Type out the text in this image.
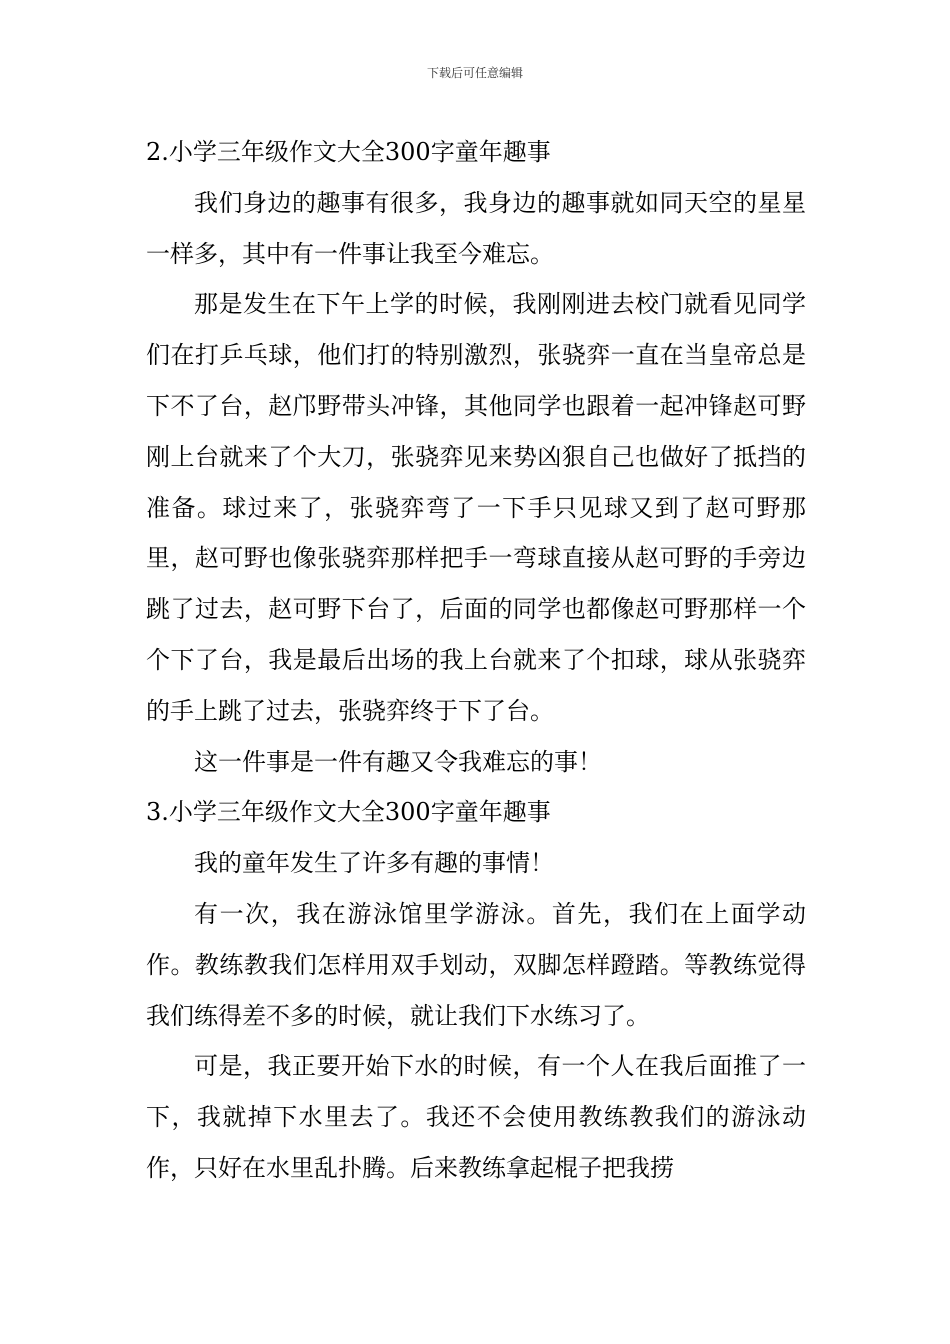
下载后可任意编辑
2.小学三年级作文大全300字童年趣事

我们身边的趣事有很多，我身边的趣事就如同天空的星星一样多，其中有一件事让我至今难忘。

那是发生在下午上学的时候，我刚刚进去校门就看见同学们在打乒乓球，他们打的特别激烈，张骁弈一直在当皇帝总是下不了台，赵邝野带头冲锋，其他同学也跟着一起冲锋赵可野刚上台就来了个大刀，张骁弈见来势凶狠自己也做好了抵挡的准备。球过来了，张骁弈弯了一下手只见球又到了赵可野那里，赵可野也像张骁弈那样把手一弯球直接从赵可野的手旁边跳了过去，赵可野下台了，后面的同学也都像赵可野那样一个个下了台，我是最后出场的我上台就来了个扣球，球从张骁弈的手上跳了过去，张骁弈终于下了台。

这一件事是一件有趣又令我难忘的事！

3.小学三年级作文大全300字童年趣事

我的童年发生了许多有趣的事情！

有一次，我在游泳馆里学游泳。首先，我们在上面学动作。教练教我们怎样用双手划动，双脚怎样蹬踏。等教练觉得我们练得差不多的时候，就让我们下水练习了。

可是，我正要开始下水的时候，有一个人在我后面推了一下，我就掉下水里去了。我还不会使用教练教我们的游泳动作，只好在水里乱扑腾。后来教练拿起棍子把我捞
